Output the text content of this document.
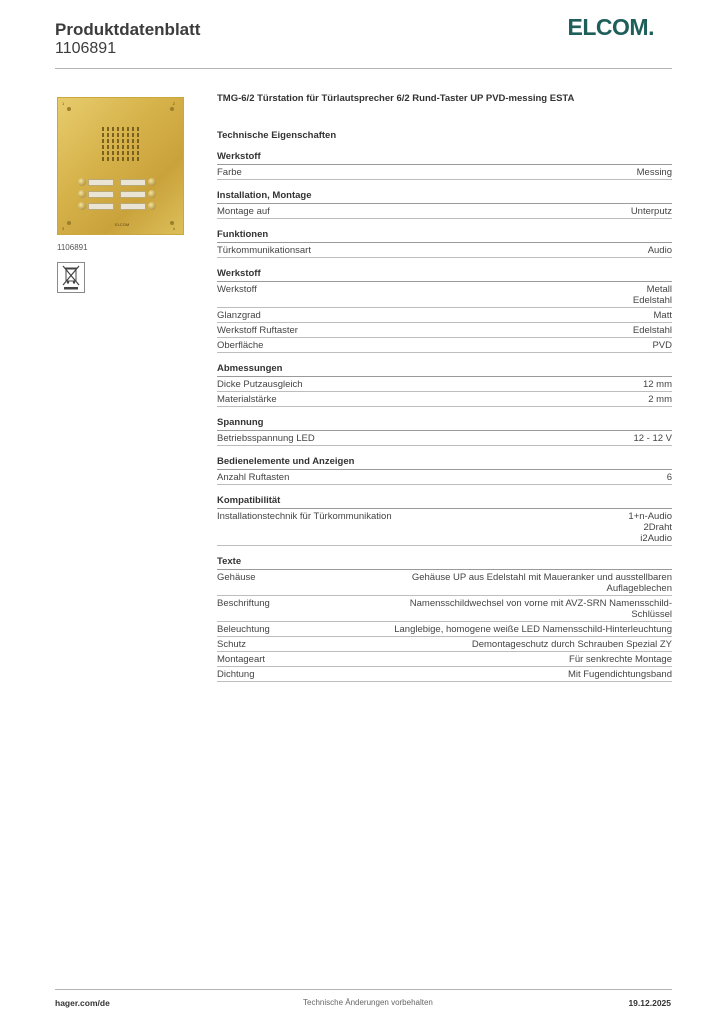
Produktdatenblatt
1106891
ELCOM.
1	2
3	4
ELCOM
1106891
TMG-6/2 Türstation für Türlautsprecher 6/2 Rund-Taster UP PVD-messing ESTA
Technische Eigenschaften
Werkstoff
Farbe	Messing
Installation, Montage
Montage auf	Unterputz
Funktionen
Türkommunikationsart	Audio
Werkstoff
Werkstoff	Metall
Edelstahl
Glanzgrad	Matt
Werkstoff Ruftaster	Edelstahl
Oberfläche	PVD
Abmessungen
Dicke Putzausgleich	12 mm
Materialstärke	2 mm
Spannung
Betriebsspannung LED	12 - 12 V
Bedienelemente und Anzeigen
Anzahl Ruftasten	6
Kompatibilität
Installationstechnik für Türkommunikation	1+n-Audio
2Draht
i2Audio
Texte
Gehäuse	Gehäuse UP aus Edelstahl mit Maueranker und ausstellbaren Auflageblechen
Beschriftung	Namensschildwechsel von vorne mit AVZ-SRN Namensschild-Schlüssel
Beleuchtung	Langlebige, homogene weiße LED Namensschild-Hinterleuchtung
Schutz	Demontageschutz durch Schrauben Spezial ZY
Montageart	Für senkrechte Montage
Dichtung	Mit Fugendichtungsband
hager.com/de	Technische Änderungen vorbehalten	19.12.2025
